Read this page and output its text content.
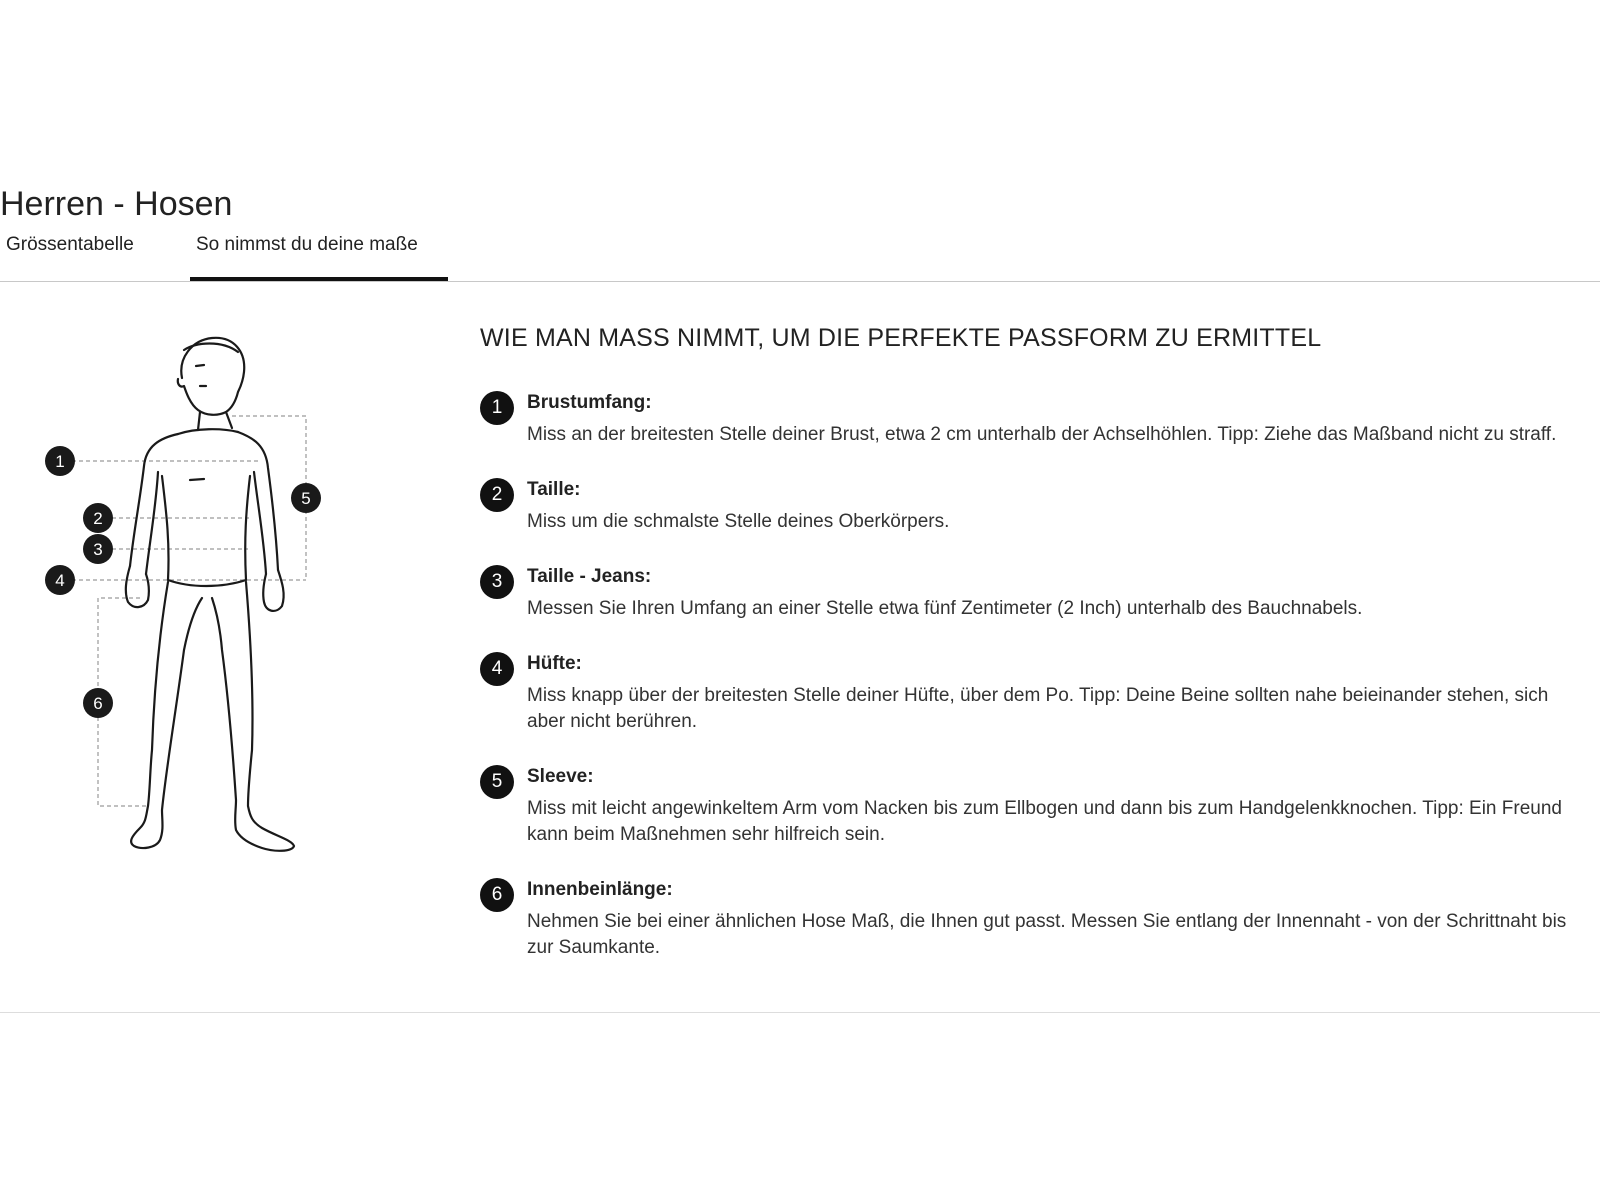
Herren - Hosen
Grössentabelle	So nimmst du deine maße
1
2
3
4
5
6
WIE MAN MASS NIMMT, UM DIE PERFEKTE PASSFORM ZU ERMITTEL
1	Brustumfang:

Miss an der breitesten Stelle deiner Brust, etwa 2 cm unterhalb der Achselhöhlen. Tipp: Ziehe das Maßband nicht zu straff.

2	Taille:

Miss um die schmalste Stelle deines Oberkörpers.

3	Taille - Jeans:

Messen Sie Ihren Umfang an einer Stelle etwa fünf Zentimeter (2 Inch) unterhalb des Bauchnabels.

4	Hüfte:

Miss knapp über der breitesten Stelle deiner Hüfte, über dem Po. Tipp: Deine Beine sollten nahe beieinander stehen, sich aber nicht berühren.

5	Sleeve:

Miss mit leicht angewinkeltem Arm vom Nacken bis zum Ellbogen und dann bis zum Handgelenkknochen. Tipp: Ein Freund kann beim Maßnehmen sehr hilfreich sein.

6	Innenbeinlänge:

Nehmen Sie bei einer ähnlichen Hose Maß, die Ihnen gut passt. Messen Sie entlang der Innennaht - von der Schrittnaht bis zur Saumkante.
